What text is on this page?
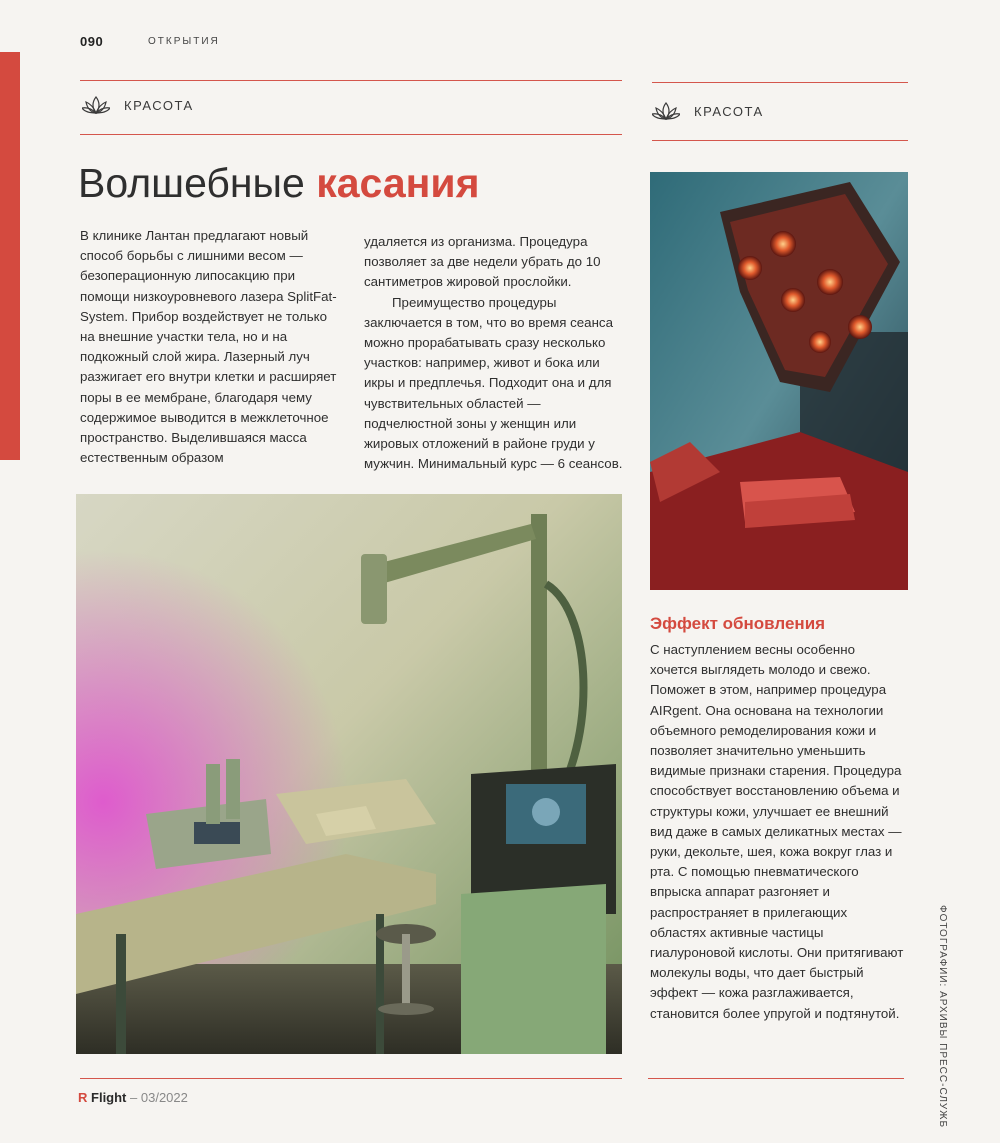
090	ОТКРЫТИЯ
КРАСОТА	КРАСОТА
Волшебные касания

В клинике Лантан предлагают новый способ борьбы с лишними весом — безоперационную липосакцию при помощи низкоуровневого лазера SplitFat-System. Прибор воздействует не только на внешние участки тела, но и на подкожный слой жира. Лазерный луч разжигает его внутри клетки и расширяет поры в ее мембране, благодаря чему содержимое выводится в межклеточное пространство. Выделившаяся масса естественным образом

удаляется из организма. Процедура позволяет за две недели убрать до 10 сантиметров жировой прослойки.

Преимущество процедуры заключается в том, что во время сеанса можно прорабатывать сразу несколько участков: например, живот и бока или икры и предплечья. Подходит она и для чувствительных областей — подчелюстной зоны у женщин или жировых отложений в районе груди у мужчин. Минимальный курс — 6 сеансов.

Эффект обновления

С наступлением весны особенно хочется выглядеть молодо и свежо. Поможет в этом, например процедура AIRgent. Она основана на технологии объемного ремоделирования кожи и позволяет значительно уменьшить видимые признаки старения. Процедура способствует восстановлению объема и структуры кожи, улучшает ее внешний вид даже в самых деликатных местах — руки, декольте, шея, кожа вокруг глаз и рта. С помощью пневматического впрыска аппарат разгоняет и распространяет в прилегающих областях активные частицы гиалуроновой кислоты. Они притягивают молекулы воды, что дает быстрый эффект — кожа разглаживается, становится более упругой и подтянутой.	ФОТОГРАФИИ: АРХИВЫ ПРЕСС-СЛУЖБ
R Flight – 03/2022
